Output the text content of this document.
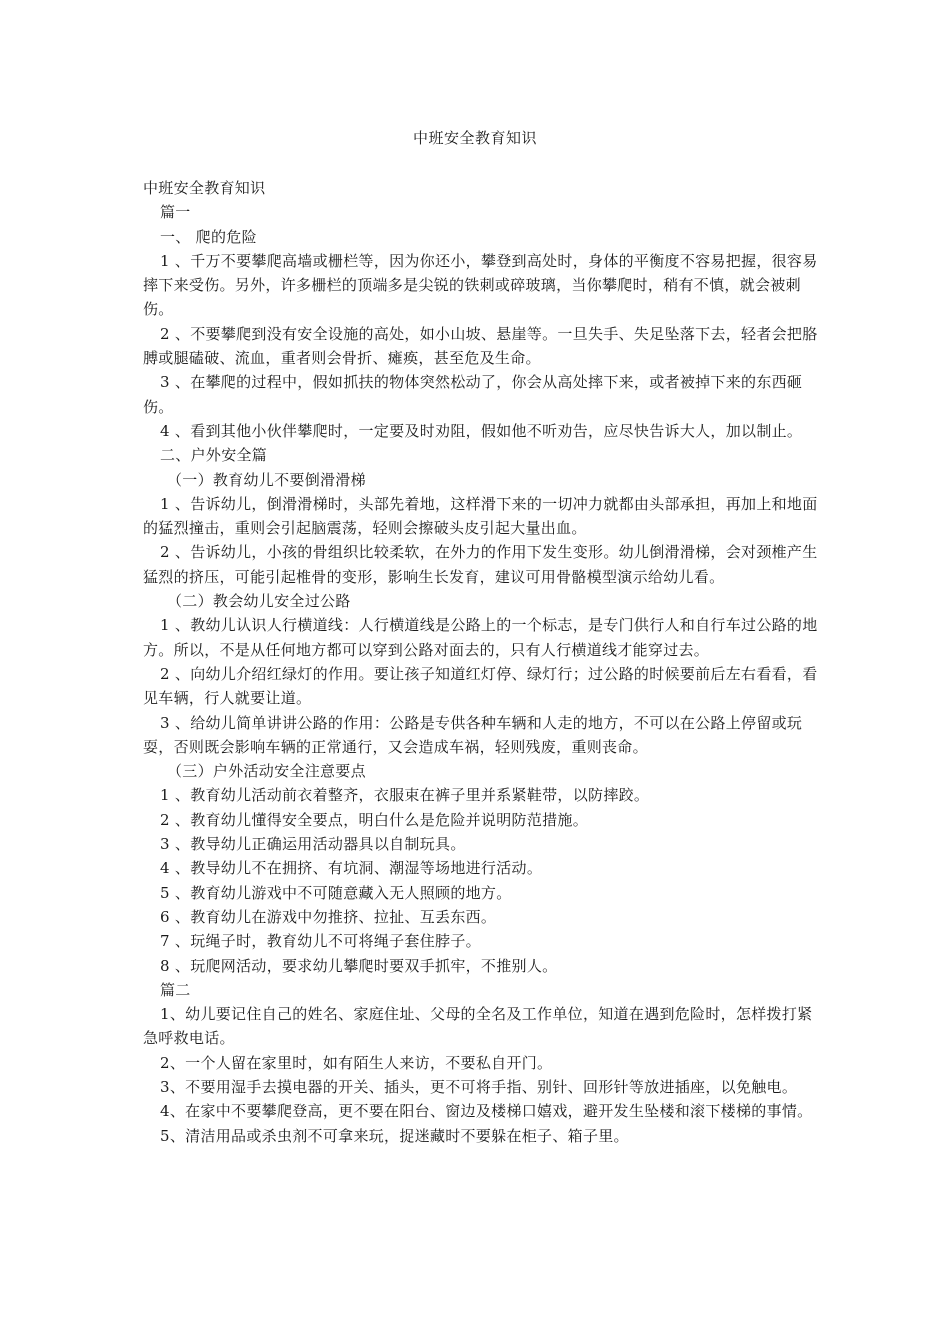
中班安全教育知识

中班安全教育知识

篇一

一、 爬的危险

1 、千万不要攀爬高墙或栅栏等，因为你还小，攀登到高处时，身体的平衡度不容易把握，很容易摔下来受伤。另外，许多栅栏的顶端多是尖锐的铁刺或碎玻璃，当你攀爬时，稍有不慎，就会被刺伤。

2 、不要攀爬到没有安全设施的高处，如小山坡、悬崖等。一旦失手、失足坠落下去，轻者会把胳膊或腿磕破、流血，重者则会骨折、瘫痪，甚至危及生命。

3 、在攀爬的过程中，假如抓扶的物体突然松动了，你会从高处摔下来，或者被掉下来的东西砸伤。

4 、看到其他小伙伴攀爬时，一定要及时劝阻，假如他不听劝告，应尽快告诉大人，加以制止。

二、户外安全篇

（一）教育幼儿不要倒滑滑梯

1 、告诉幼儿，倒滑滑梯时，头部先着地，这样滑下来的一切冲力就都由头部承担，再加上和地面的猛烈撞击，重则会引起脑震荡，轻则会擦破头皮引起大量出血。

2 、告诉幼儿，小孩的骨组织比较柔软，在外力的作用下发生变形。幼儿倒滑滑梯，会对颈椎产生猛烈的挤压，可能引起椎骨的变形，影响生长发育，建议可用骨骼模型演示给幼儿看。

（二）教会幼儿安全过公路

1 、教幼儿认识人行横道线：人行横道线是公路上的一个标志，是专门供行人和自行车过公路的地方。所以，不是从任何地方都可以穿到公路对面去的，只有人行横道线才能穿过去。

2 、向幼儿介绍红绿灯的作用。要让孩子知道红灯停、绿灯行；过公路的时候要前后左右看看，看见车辆，行人就要让道。

3 、给幼儿简单讲讲公路的作用：公路是专供各种车辆和人走的地方，不可以在公路上停留或玩耍，否则既会影响车辆的正常通行，又会造成车祸，轻则残废，重则丧命。

（三）户外活动安全注意要点

1 、教育幼儿活动前衣着整齐，衣服束在裤子里并系紧鞋带，以防摔跤。

2 、教育幼儿懂得安全要点，明白什么是危险并说明防范措施。

3 、教导幼儿正确运用活动器具以自制玩具。

4 、教导幼儿不在拥挤、有坑洞、潮湿等场地进行活动。

5 、教育幼儿游戏中不可随意藏入无人照顾的地方。

6 、教育幼儿在游戏中勿推挤、拉扯、互丢东西。

7 、玩绳子时，教育幼儿不可将绳子套住脖子。

8 、玩爬网活动，要求幼儿攀爬时要双手抓牢，不推别人。

篇二

1、幼儿要记住自己的姓名、家庭住址、父母的全名及工作单位，知道在遇到危险时，怎样拨打紧急呼救电话。

2、一个人留在家里时，如有陌生人来访，不要私自开门。

3、不要用湿手去摸电器的开关、插头，更不可将手指、别针、回形针等放进插座，以免触电。

4、在家中不要攀爬登高，更不要在阳台、窗边及楼梯口嬉戏，避开发生坠楼和滚下楼梯的事情。

5、清洁用品或杀虫剂不可拿来玩，捉迷藏时不要躲在柜子、箱子里。
